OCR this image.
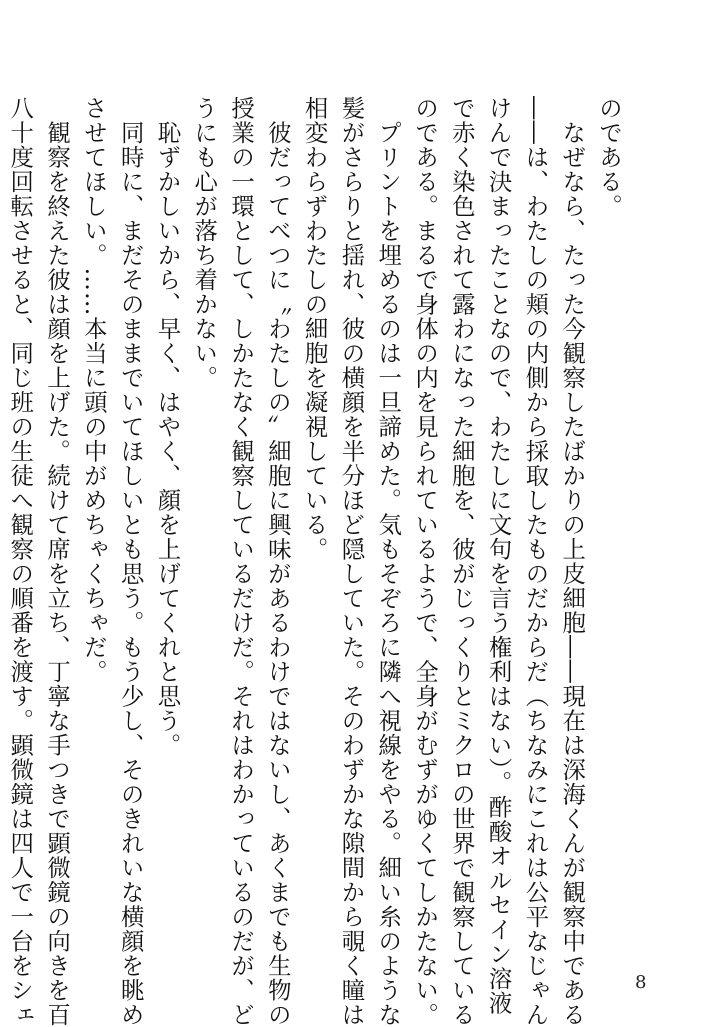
のである。
　なぜなら、たった今観察したばかりの上皮細胞――現在は深海くんが観察中である
――は、わたしの頬の内側から採取したものだからだ（ちなみにこれは公平なじゃん
けんで決まったことなので、わたしに文句を言う権利はない）。酢酸オルセイン溶液
で赤く染色されて露わになった細胞を、彼がじっくりとミクロの世界で観察している
のである。まるで身体の内を見られているようで、全身がむずがゆくてしかたない。
　プリントを埋めるのは一旦諦めた。気もそぞろに隣へ視線をやる。細い糸のような
髪がさらりと揺れ、彼の横顔を半分ほど隠していた。そのわずかな隙間から覗く瞳は
相変わらずわたしの細胞を凝視している。
　彼だってべつに〝わたしの〟細胞に興味があるわけではないし、あくまでも生物の
授業の一環として、しかたなく観察しているだけだ。それはわかっているのだが、ど
うにも心が落ち着かない。
　恥ずかしいから、早く、はやく、顔を上げてくれと思う。
　同時に、まだそのままでいてほしいとも思う。もう少し、そのきれいな横顔を眺め
させてほしい。……本当に頭の中がめちゃくちゃだ。
　観察を終えた彼は顔を上げた。続けて席を立ち、丁寧な手つきで顕微鏡の向きを百
八十度回転させると、同じ班の生徒へ観察の順番を渡す。顕微鏡は四人で一台をシェ	8
